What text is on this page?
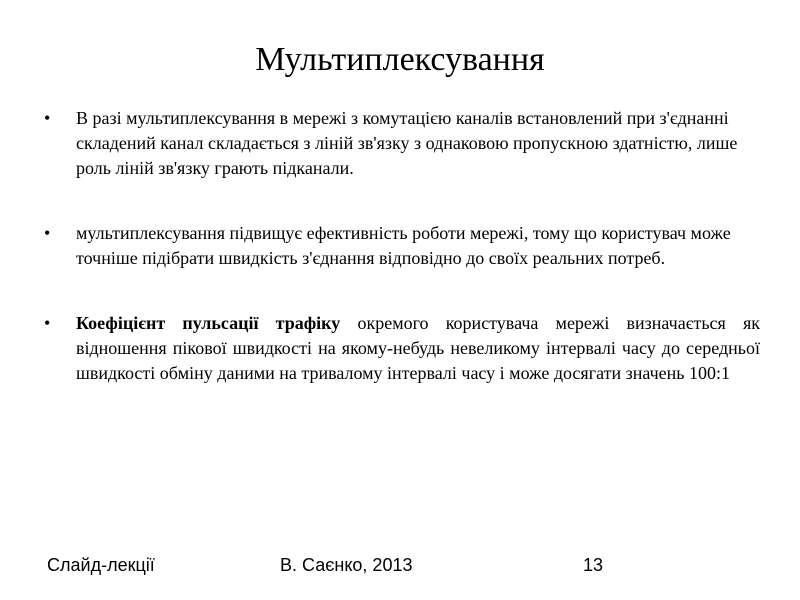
Мультиплексування
• В разі мультиплексування в мережі з комутацією каналів встановлений при з'єднанні складений канал складається з ліній зв'язку з однаковою пропускною здатністю, лише роль ліній зв'язку грають підканали.
• мультиплексування підвищує ефективність роботи мережі, тому що користувач може точніше підібрати швидкість з'єднання відповідно до своїх реальних потреб.
• Коефіцієнт пульсації трафіку окремого користувача мережі визначається як відношення пікової швидкості на якому-небудь невеликому інтервалі часу до середньої швидкості обміну даними на тривалому інтервалі часу і може досягати значень 100:1
Слайд-лекції	В. Саєнко, 2013	13
